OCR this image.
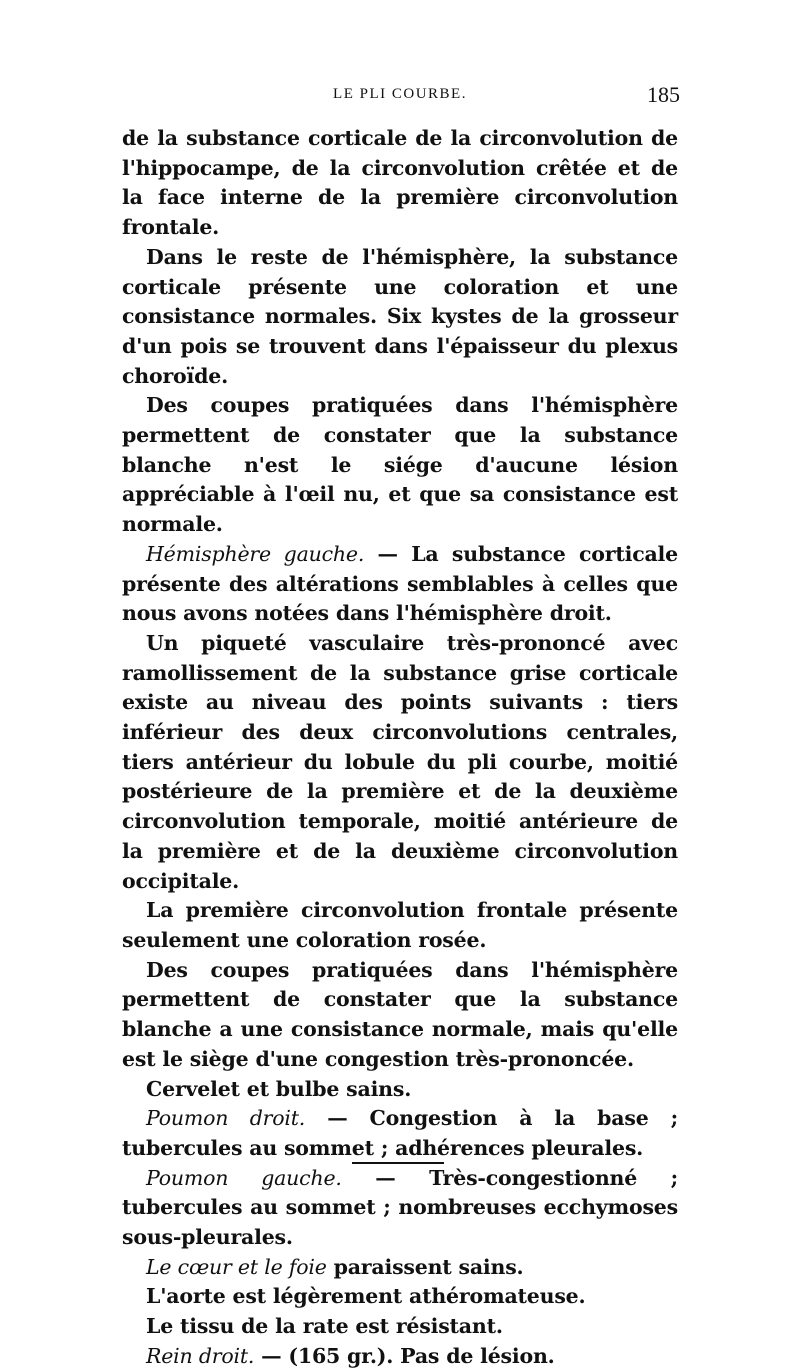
LE PLI COURBE.	185

de la substance corticale de la circonvolution de l'hippocampe, de la circonvolution crêtée et de la face interne de la première circonvolution frontale.

Dans le reste de l'hémisphère, la substance corticale présente une coloration et une consistance normales. Six kystes de la grosseur d'un pois se trouvent dans l'épaisseur du plexus choroïde.

Des coupes pratiquées dans l'hémisphère permettent de constater que la substance blanche n'est le siége d'aucune lésion appréciable à l'œil nu, et que sa consistance est normale.

Hémisphère gauche. — La substance corticale présente des altérations semblables à celles que nous avons notées dans l'hémisphère droit.

Un piqueté vasculaire très-prononcé avec ramollissement de la substance grise corticale existe au niveau des points suivants : tiers inférieur des deux circonvolutions centrales, tiers antérieur du lobule du pli courbe, moitié postérieure de la première et de la deuxième circonvolution temporale, moitié antérieure de la première et de la deuxième circonvolution occipitale.

La première circonvolution frontale présente seulement une coloration rosée.

Des coupes pratiquées dans l'hémisphère permettent de constater que la substance blanche a une consistance normale, mais qu'elle est le siège d'une congestion très-prononcée.

Cervelet et bulbe sains.

Poumon droit. — Congestion à la base ; tubercules au sommet ; adhérences pleurales.

Poumon gauche. — Très-congestionné ; tubercules au sommet ; nombreuses ecchymoses sous-pleurales.

Le cœur et le foie paraissent sains.

L'aorte est légèrement athéromateuse.

Le tissu de la rate est résistant.

Rein droit. — (165 gr.). Pas de lésion.
